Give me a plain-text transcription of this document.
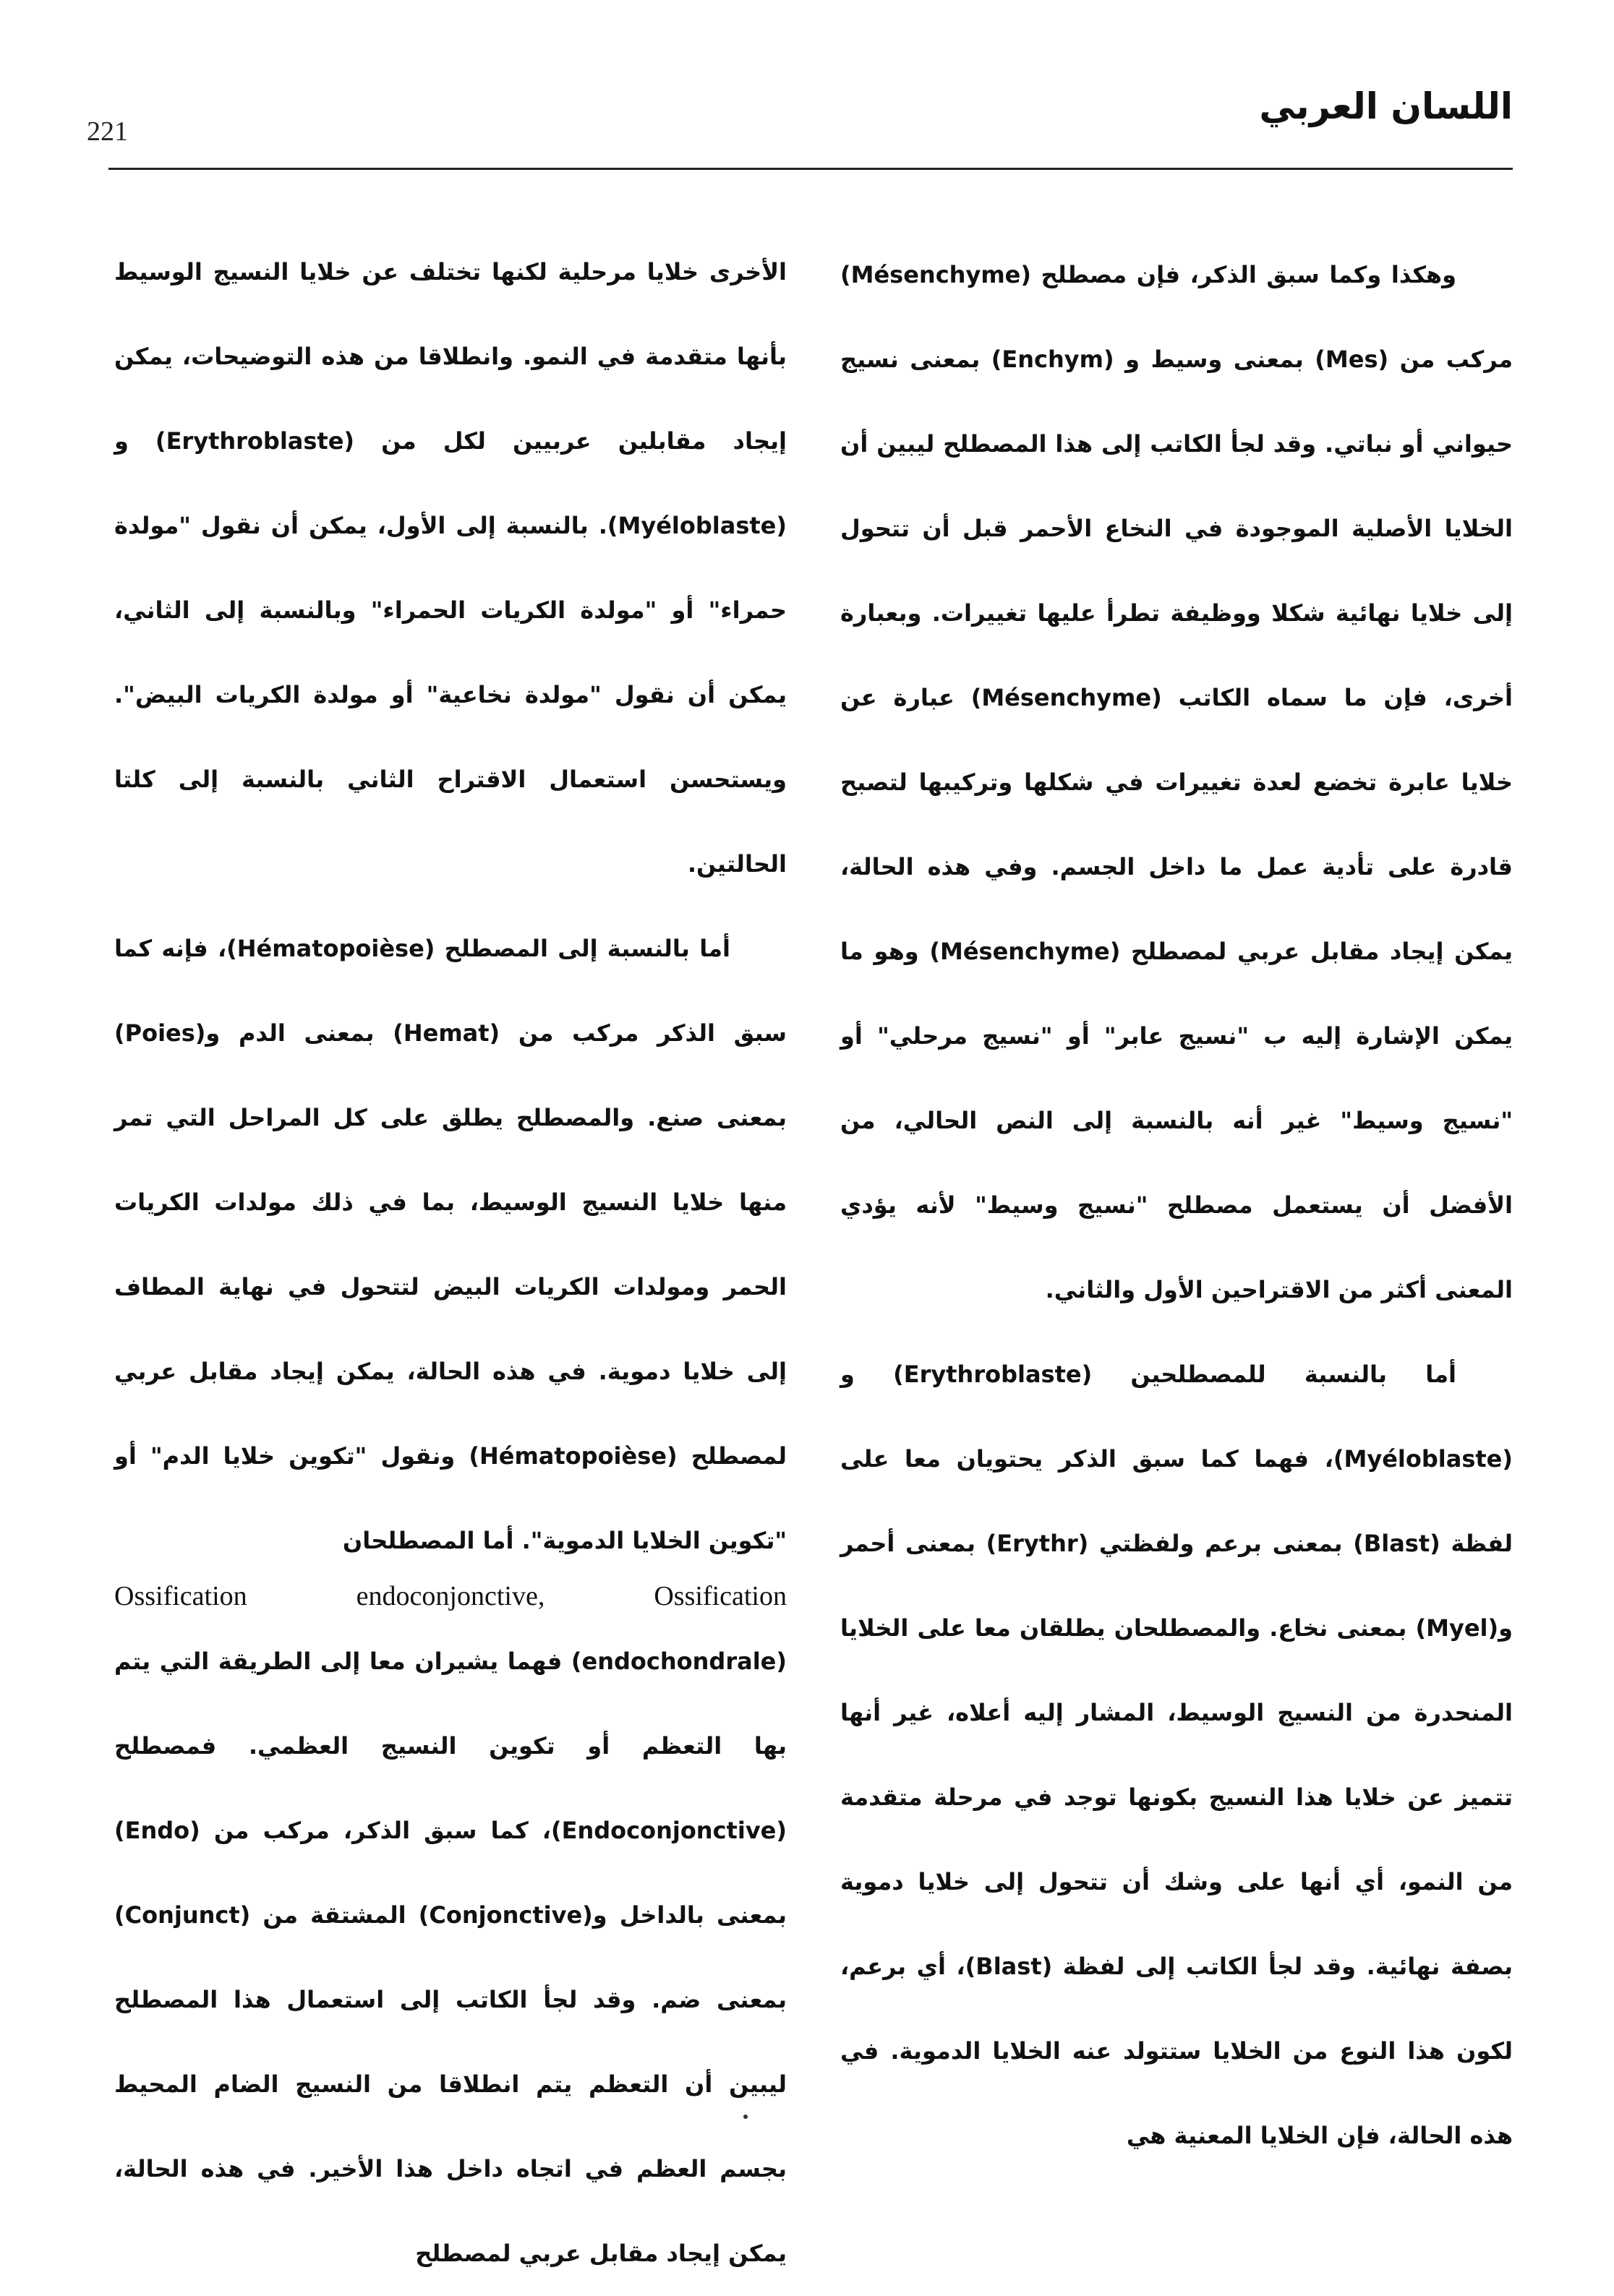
221
اللسان العربي

وهكذا وكما سبق الذكر، فإن مصطلح (Mésenchyme) مركب من (Mes) بمعنى وسيط و (Enchym) بمعنى نسيج حيواني أو نباتي. وقد لجأ الكاتب إلى هذا المصطلح ليبين أن الخلايا الأصلية الموجودة في النخاع الأحمر قبل أن تتحول إلى خلايا نهائية شكلا ووظيفة تطرأ عليها تغييرات. وبعبارة أخرى، فإن ما سماه الكاتب (Mésenchyme) عبارة عن خلايا عابرة تخضع لعدة تغييرات في شكلها وتركيبها لتصبح قادرة على تأدية عمل ما داخل الجسم. وفي هذه الحالة، يمكن إيجاد مقابل عربي لمصطلح (Mésenchyme) وهو ما يمكن الإشارة إليه ب "نسيج عابر" أو "نسيج مرحلي" أو "نسيج وسيط" غير أنه بالنسبة إلى النص الحالي، من الأفضل أن يستعمل مصطلح "نسيج وسيط" لأنه يؤدي المعنى أكثر من الاقتراحين الأول والثاني.

أما بالنسبة للمصطلحين (Erythroblaste) و (Myéloblaste)، فهما كما سبق الذكر يحتويان معا على لفظة (Blast) بمعنى برعم ولفظتي (Erythr) بمعنى أحمر و(Myel) بمعنى نخاع. والمصطلحان يطلقان معا على الخلايا المنحدرة من النسيج الوسيط، المشار إليه أعلاه، غير أنها تتميز عن خلايا هذا النسيج بكونها توجد في مرحلة متقدمة من النمو، أي أنها على وشك أن تتحول إلى خلايا دموية بصفة نهائية. وقد لجأ الكاتب إلى لفظة (Blast)، أي برعم، لكون هذا النوع من الخلايا ستتولد عنه الخلايا الدموية. في هذه الحالة، فإن الخلايا المعنية هي

الأخرى خلايا مرحلية لكنها تختلف عن خلايا النسيج الوسيط بأنها متقدمة في النمو. وانطلاقا من هذه التوضيحات، يمكن إيجاد مقابلين عربيين لكل من (Erythroblaste) و (Myéloblaste). بالنسبة إلى الأول، يمكن أن نقول "مولدة حمراء" أو "مولدة الكريات الحمراء" وبالنسبة إلى الثاني، يمكن أن نقول "مولدة نخاعية" أو مولدة الكريات البيض". ويستحسن استعمال الاقتراح الثاني بالنسبة إلى كلتا الحالتين.

أما بالنسبة إلى المصطلح (Hématopoièse)، فإنه كما سبق الذكر مركب من (Hemat) بمعنى الدم و(Poies) بمعنى صنع. والمصطلح يطلق على كل المراحل التي تمر منها خلايا النسيج الوسيط، بما في ذلك مولدات الكريات الحمر ومولدات الكريات البيض لتتحول في نهاية المطاف إلى خلايا دموية. في هذه الحالة، يمكن إيجاد مقابل عربي لمصطلح (Hématopoièse) ونقول "تكوين خلايا الدم" أو "تكوين الخلايا الدموية". أما المصطلحان

Ossification endoconjonctive, Ossification

(endochondrale) فهما يشيران معا إلى الطريقة التي يتم بها التعظم أو تكوين النسيج العظمي. فمصطلح (Endoconjonctive)، كما سبق الذكر، مركب من (Endo) بمعنى بالداخل و(Conjonctive) المشتقة من (Conjunct) بمعنى ضم. وقد لجأ الكاتب إلى استعمال هذا المصطلح ليبين أن التعظم يتم انطلاقا من النسيج الضام المحيط بجسم العظم في اتجاه داخل هذا الأخير. في هذه الحالة، يمكن إيجاد مقابل عربي لمصطلح
